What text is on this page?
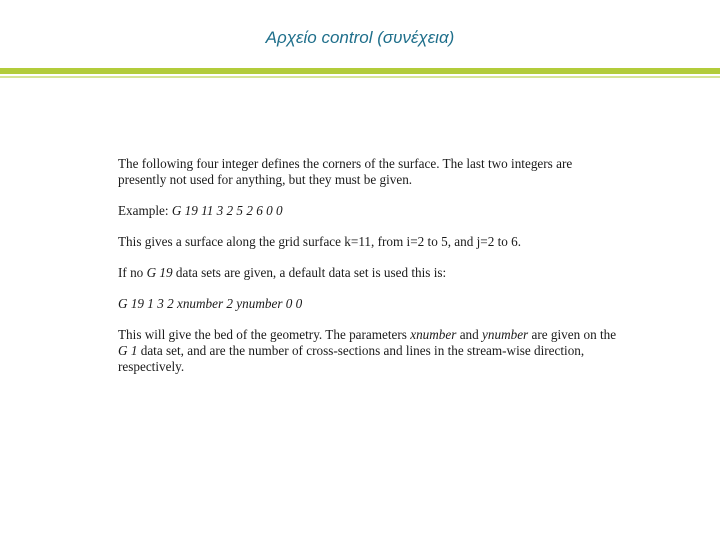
Αρχείο control (συνέχεια)

The following four integer defines the corners of the surface. The last two integers are presently not used for anything, but they must be given.

Example: G 19 11 3 2 5 2 6 0 0

This gives a surface along the grid surface k=11, from i=2 to 5, and j=2 to 6.

If no G 19 data sets are given, a default data set is used this is:

G 19 1 3 2 xnumber 2 ynumber 0 0

This will give the bed of the geometry. The parameters xnumber and ynumber are given on the G 1 data set, and are the number of cross-sections and lines in the stream-wise direction, respectively.
